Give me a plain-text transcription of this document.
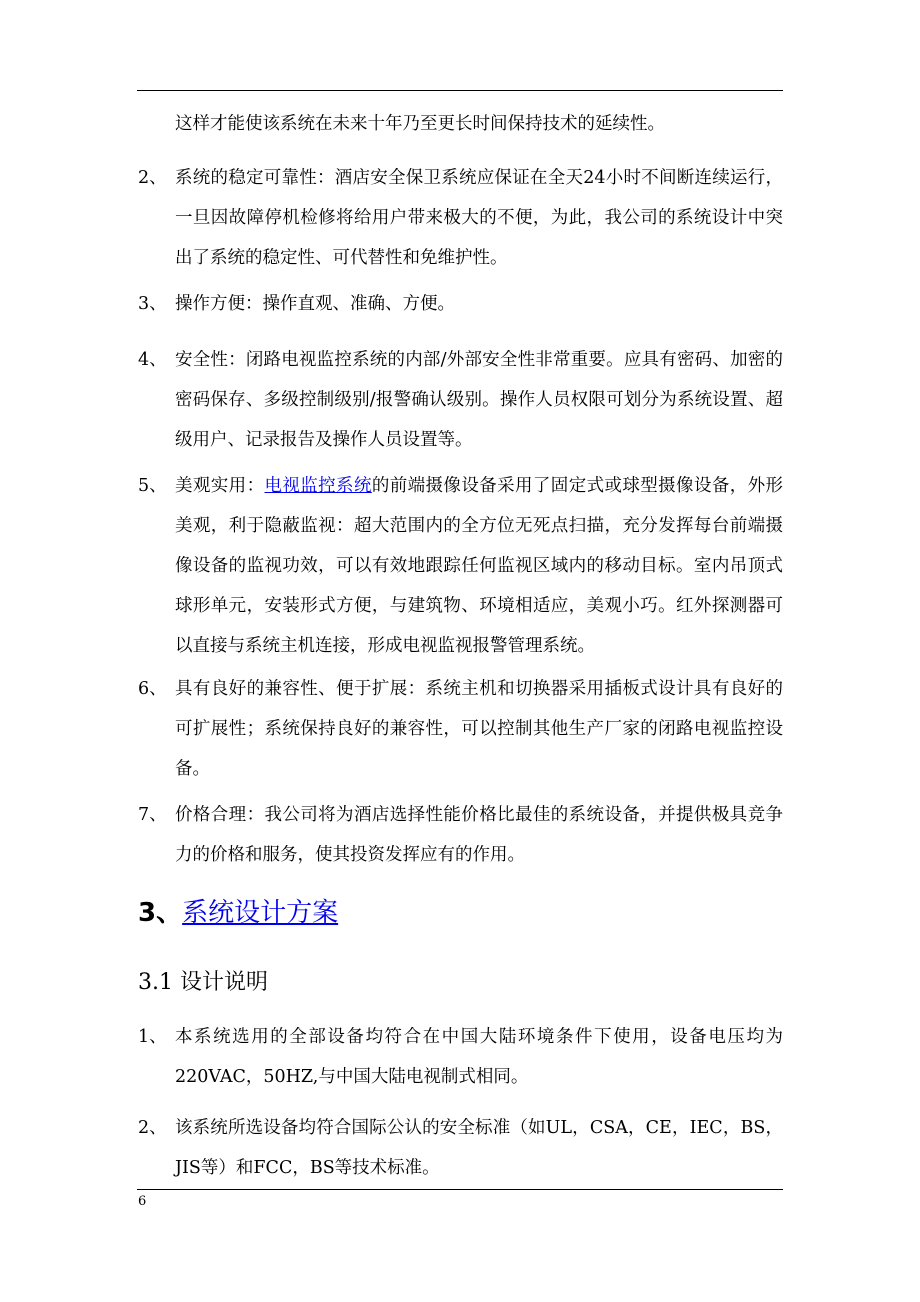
这样才能使该系统在未来十年乃至更长时间保持技术的延续性。
2、 系统的稳定可靠性：酒店安全保卫系统应保证在全天24小时不间断连续运行，一旦因故障停机检修将给用户带来极大的不便，为此，我公司的系统设计中突出了系统的稳定性、可代替性和免维护性。
3、 操作方便：操作直观、准确、方便。
4、 安全性：闭路电视监控系统的内部/外部安全性非常重要。应具有密码、加密的密码保存、多级控制级别/报警确认级别。操作人员权限可划分为系统设置、超级用户、记录报告及操作人员设置等。
5、 美观实用：电视监控系统的前端摄像设备采用了固定式或球型摄像设备，外形美观，利于隐蔽监视：超大范围内的全方位无死点扫描，充分发挥每台前端摄像设备的监视功效，可以有效地跟踪任何监视区域内的移动目标。室内吊顶式球形单元，安装形式方便，与建筑物、环境相适应，美观小巧。红外探测器可以直接与系统主机连接，形成电视监视报警管理系统。
6、 具有良好的兼容性、便于扩展：系统主机和切换器采用插板式设计具有良好的可扩展性；系统保持良好的兼容性，可以控制其他生产厂家的闭路电视监控设备。
7、 价格合理：我公司将为酒店选择性能价格比最佳的系统设备，并提供极具竞争力的价格和服务，使其投资发挥应有的作用。
3、系统设计方案
3.1 设计说明
1、 本系统选用的全部设备均符合在中国大陆环境条件下使用，设备电压均为220VAC，50HZ,与中国大陆电视制式相同。
2、 该系统所选设备均符合国际公认的安全标准（如UL，CSA，CE，IEC，BS，JIS等）和FCC，BS等技术标准。
6
